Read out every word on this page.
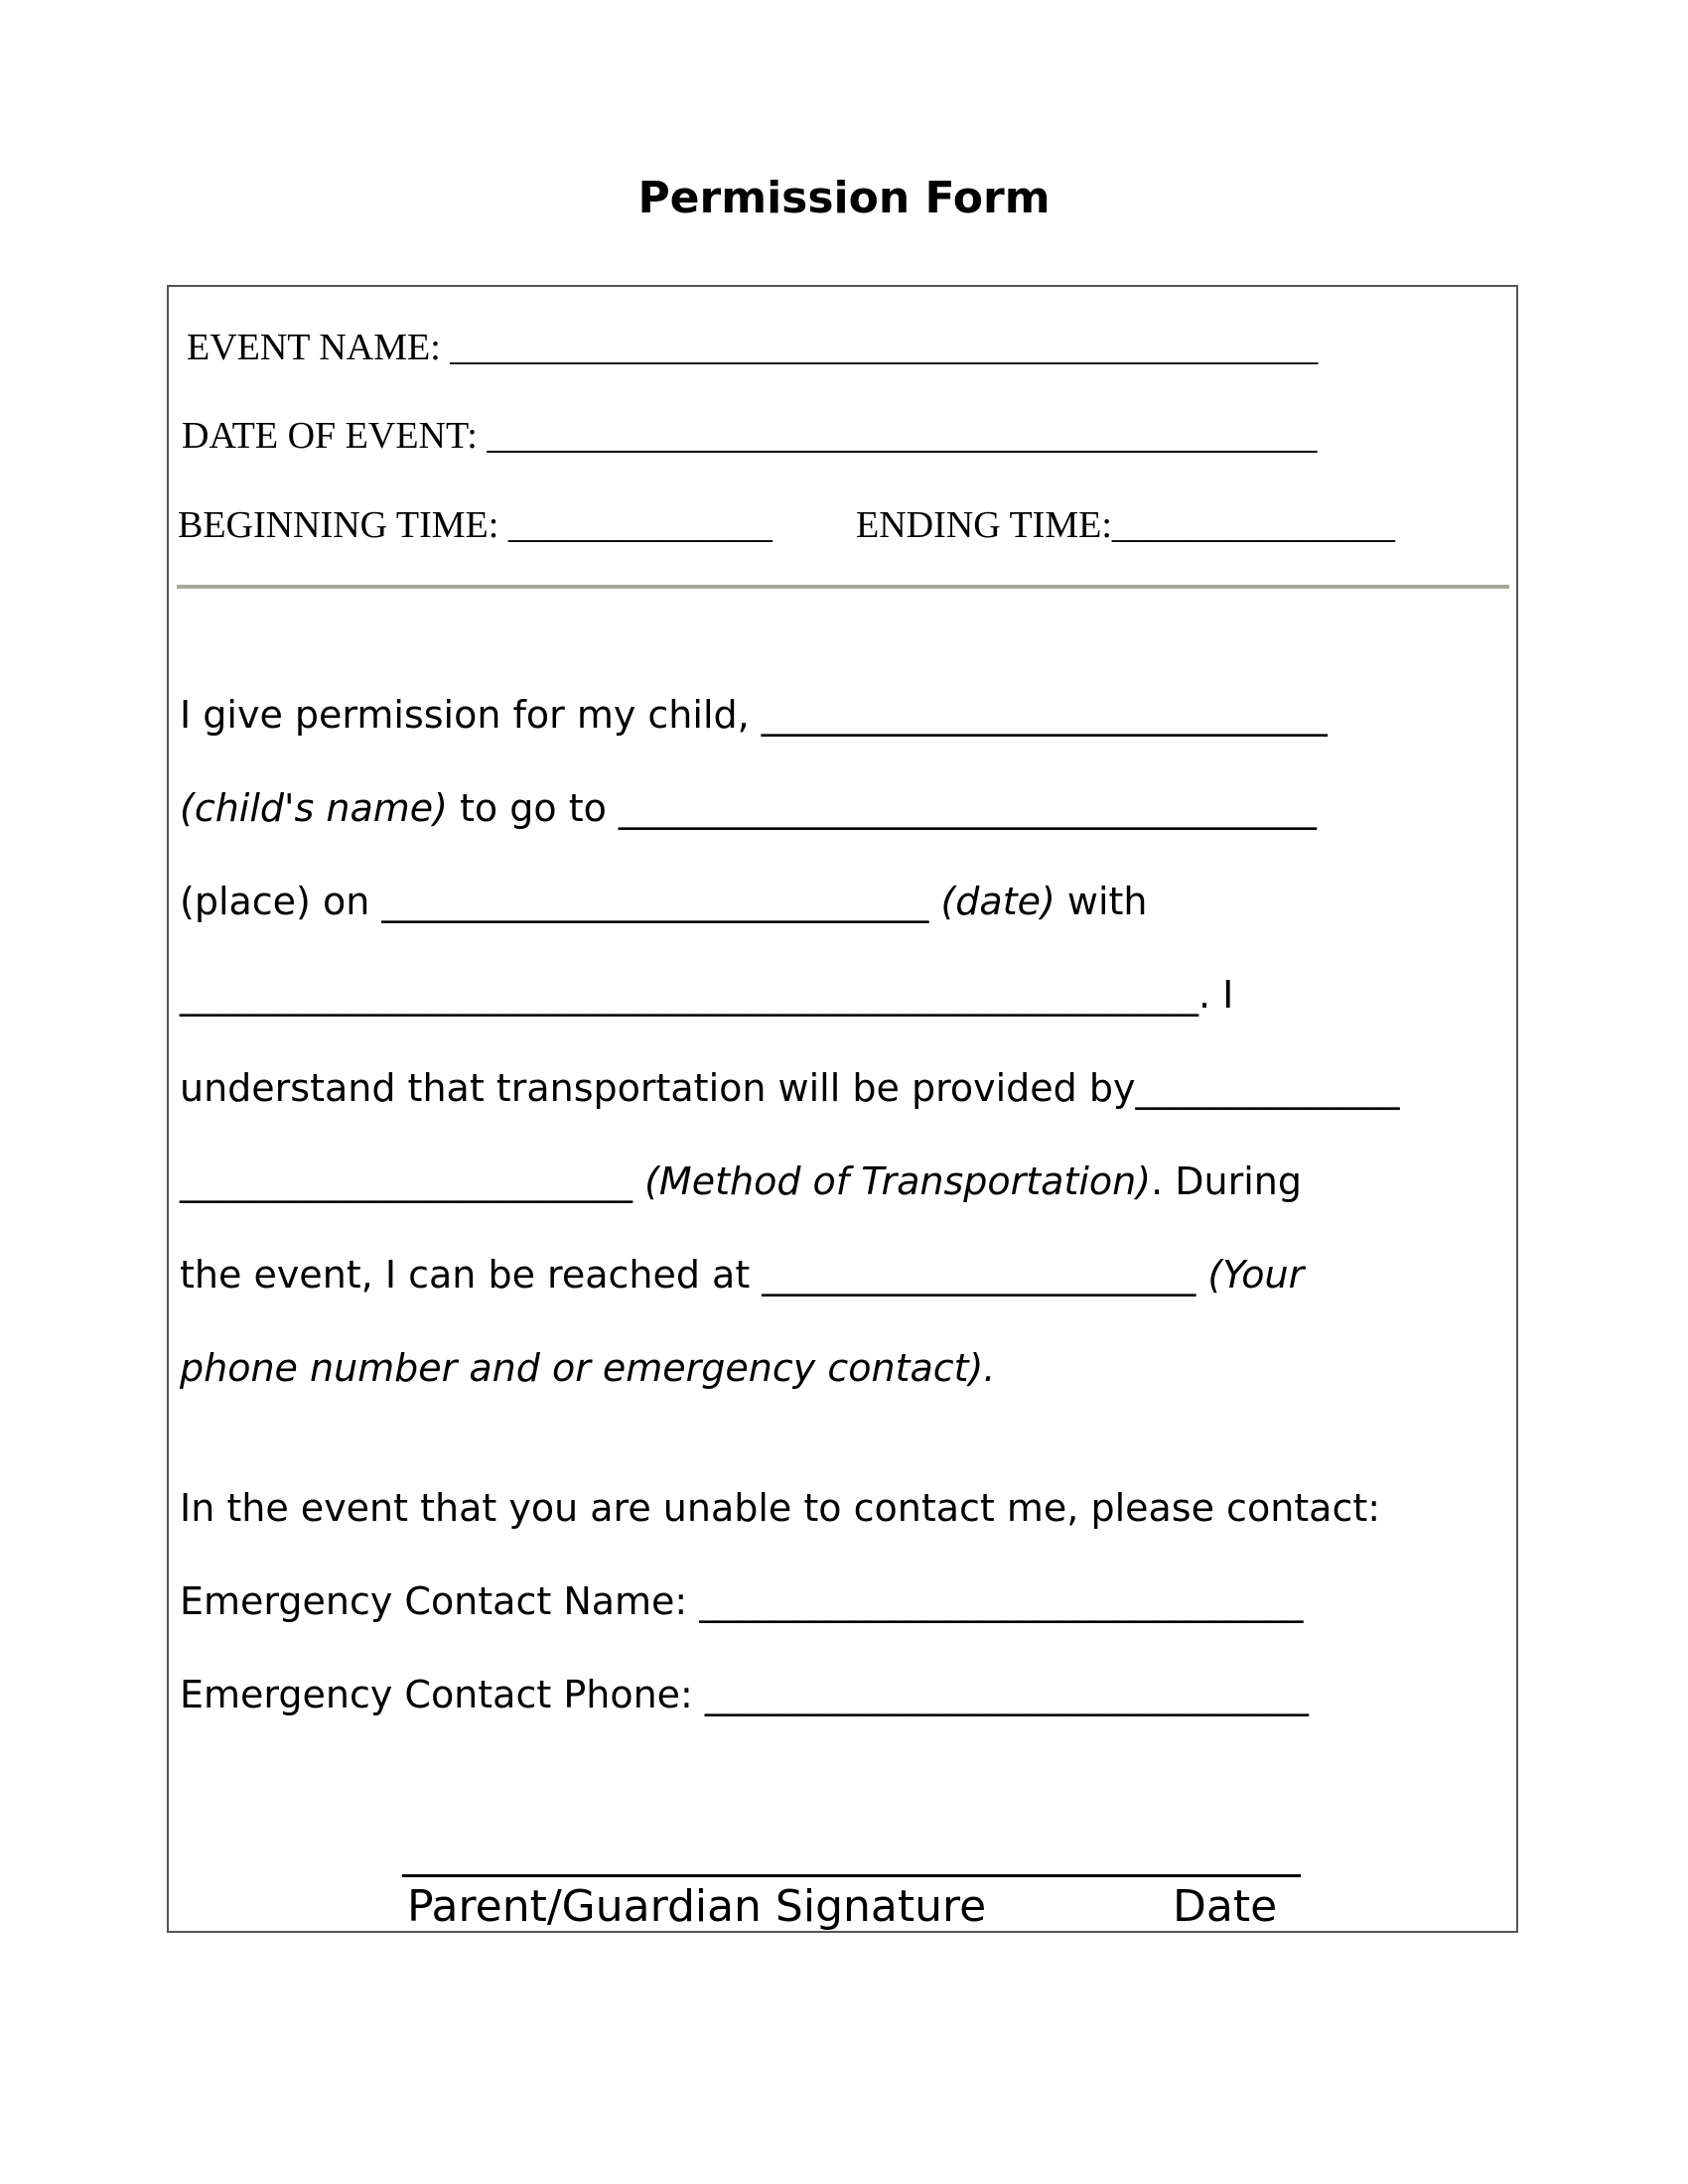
Permission Form
EVENT NAME: ______________________________________________
DATE OF EVENT: ____________________________________________
BEGINNING TIME: ______________ ENDING TIME:_______________
I give permission for my child, ______________________________
(child's name) to go to _____________________________________
(place) on _____________________________ (date) with
______________________________________________________. I
understand that transportation will be provided by______________
________________________ (Method of Transportation). During
the event, I can be reached at _______________________ (Your
phone number and or emergency contact).
In the event that you are unable to contact me, please contact:
Emergency Contact Name: ________________________________
Emergency Contact Phone: ________________________________
Parent/Guardian Signature	Date
